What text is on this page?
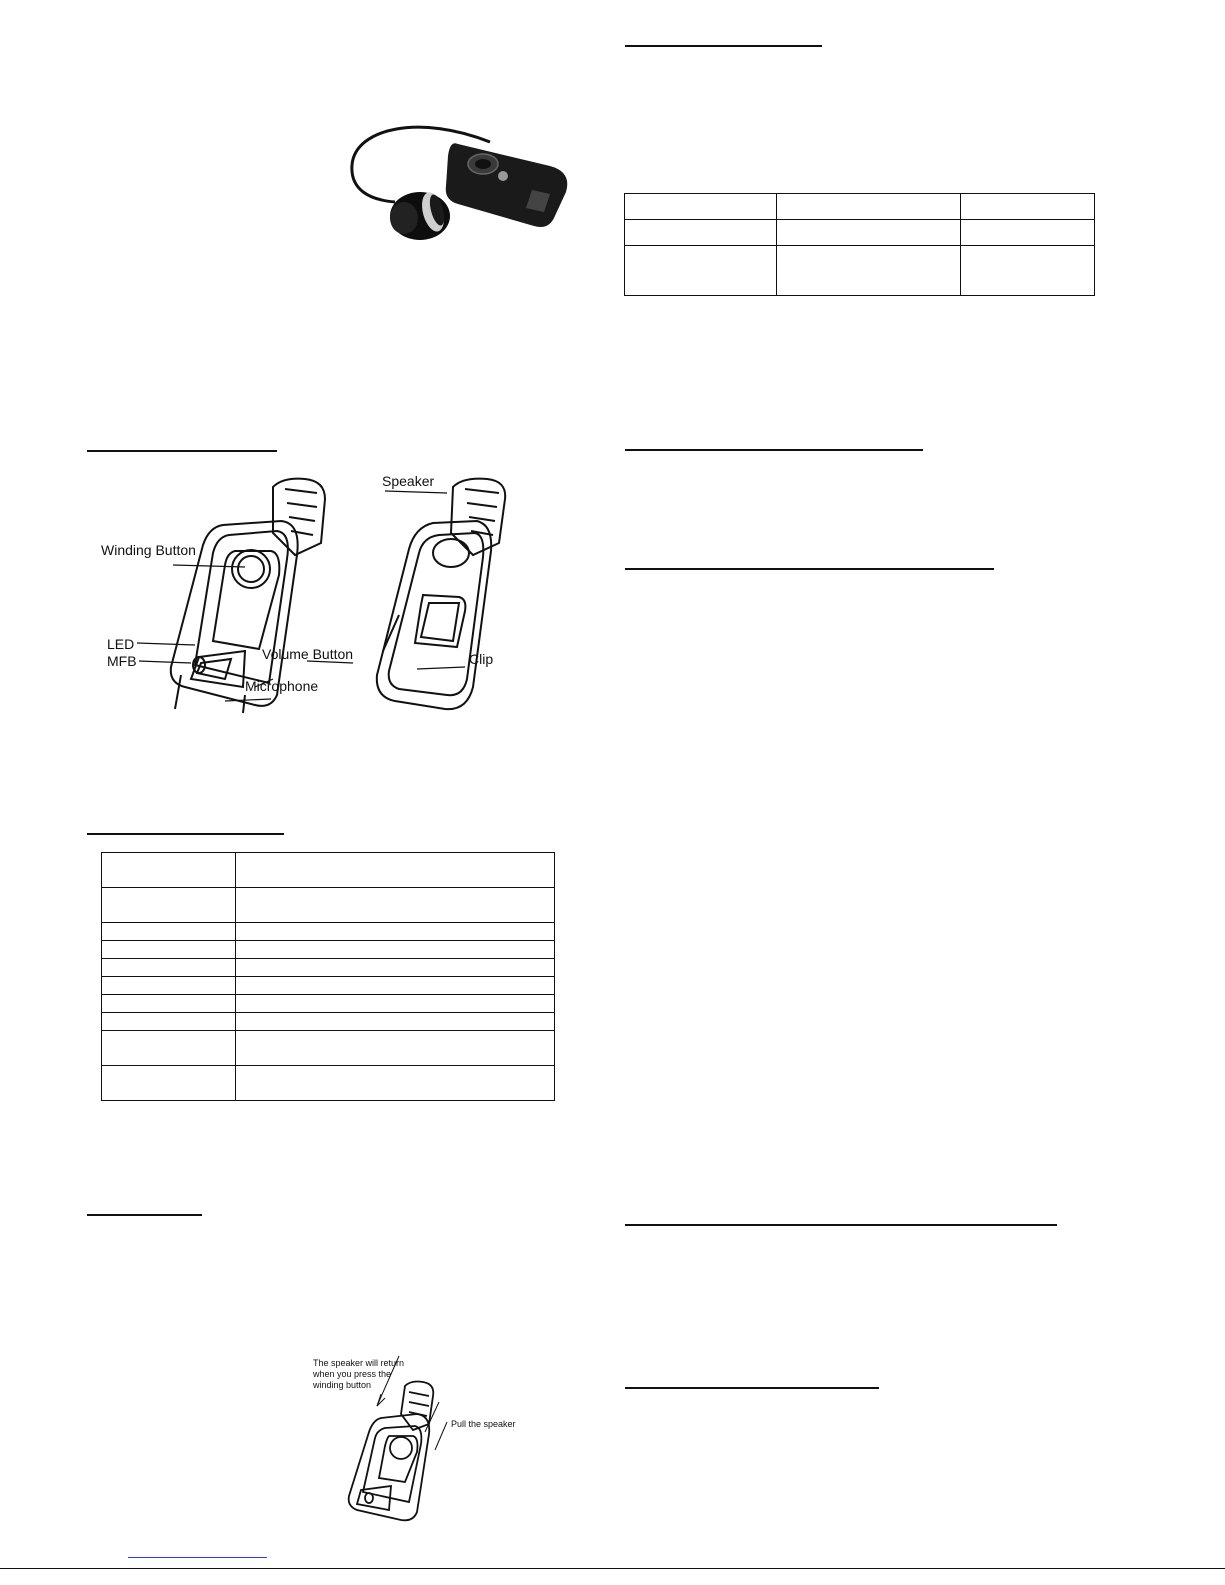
Speaker
Winding Button
LED
MFB	Volume Button
Microphone
Clip

The speaker will return
when you press the
winding button
Pull the speaker
